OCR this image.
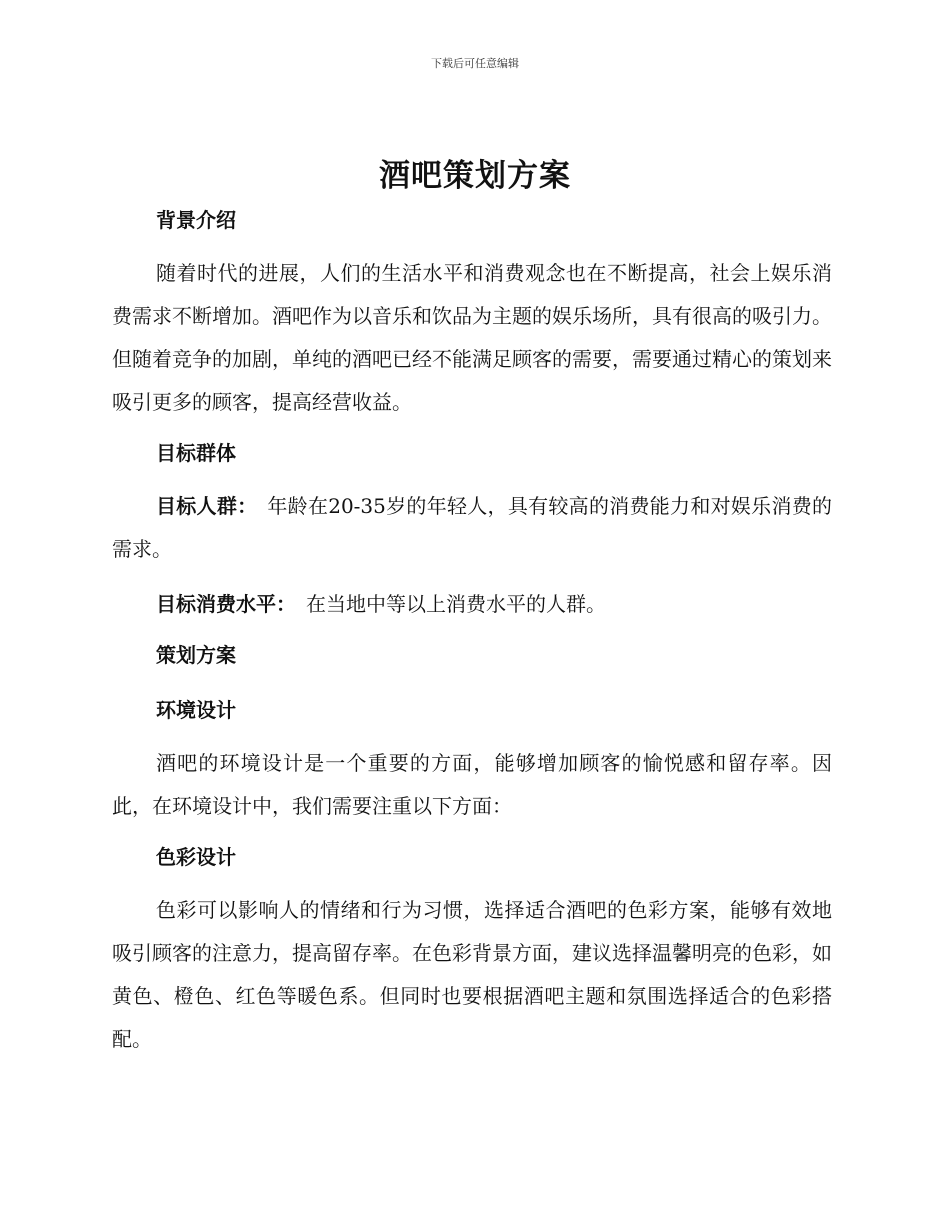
下载后可任意编辑
酒吧策划方案
背景介绍

随着时代的进展，人们的生活水平和消费观念也在不断提高，社会上娱乐消费需求不断增加。酒吧作为以音乐和饮品为主题的娱乐场所，具有很高的吸引力。但随着竞争的加剧，单纯的酒吧已经不能满足顾客的需要，需要通过精心的策划来吸引更多的顾客，提高经营收益。

目标群体

目标人群： 年龄在20-35岁的年轻人，具有较高的消费能力和对娱乐消费的需求。

目标消费水平： 在当地中等以上消费水平的人群。

策划方案
环境设计

酒吧的环境设计是一个重要的方面，能够增加顾客的愉悦感和留存率。因此，在环境设计中，我们需要注重以下方面：

色彩设计

色彩可以影响人的情绪和行为习惯，选择适合酒吧的色彩方案，能够有效地吸引顾客的注意力，提高留存率。在色彩背景方面，建议选择温馨明亮的色彩，如黄色、橙色、红色等暖色系。但同时也要根据酒吧主题和氛围选择适合的色彩搭配。
